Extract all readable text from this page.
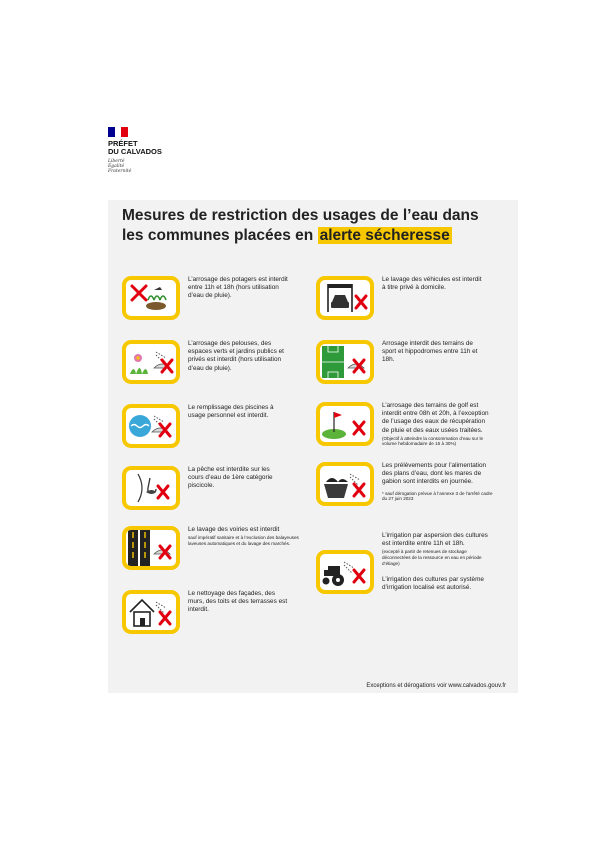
PRÉFET
DU CALVADOS
Liberté
Égalité
Fraternité
Mesures de restriction des usages de l’eau dans
les communes placées en alerte sécheresse
L’arrosage des potagers est interdit entre 11h et 18h (hors utilisation d’eau de pluie).
L’arrosage des pelouses, des espaces verts et jardins publics et privés est interdit (hors utilisation d’eau de pluie).
Le remplissage des piscines à usage personnel est interdit.
La pêche est interdite sur les cours d’eau de 1ère catégorie piscicole.
Le lavage des voiries est interdit
sauf impératif sanitaire et à l’exclusion des balayeuses laveuses automatiques et du lavage des marchés.
Le nettoyage des façades, des murs, des toits et des terrasses est interdit.
Le lavage des véhicules est interdit à titre privé à domicile.
Arrosage interdit des terrains de sport et hippodromes entre 11h et 18h.
L’arrosage des terrains de golf est interdit entre 08h et 20h, à l’exception de l’usage des eaux de récupération de pluie et des eaux usées traitées.
(Objectif à atteindre la consommation d’eau sur le volume hebdomadaire de 15 à 30%)
Les prélèvements pour l’alimentation des plans d’eau, dont les mares de gabion sont interdits en journée.
* sauf dérogation prévue à l’annexe 3 de l’arrêté cadre du 27 juin 2023
L’irrigation par aspersion des cultures est interdite entre 11h et 18h.
(excepté à partir de retenues de stockage déconnectées de la ressource en eau en période d’étiage)
L’irrigation des cultures par système d’irrigation localisé est autorisé.
Exceptions et dérogations voir www.calvados.gouv.fr
